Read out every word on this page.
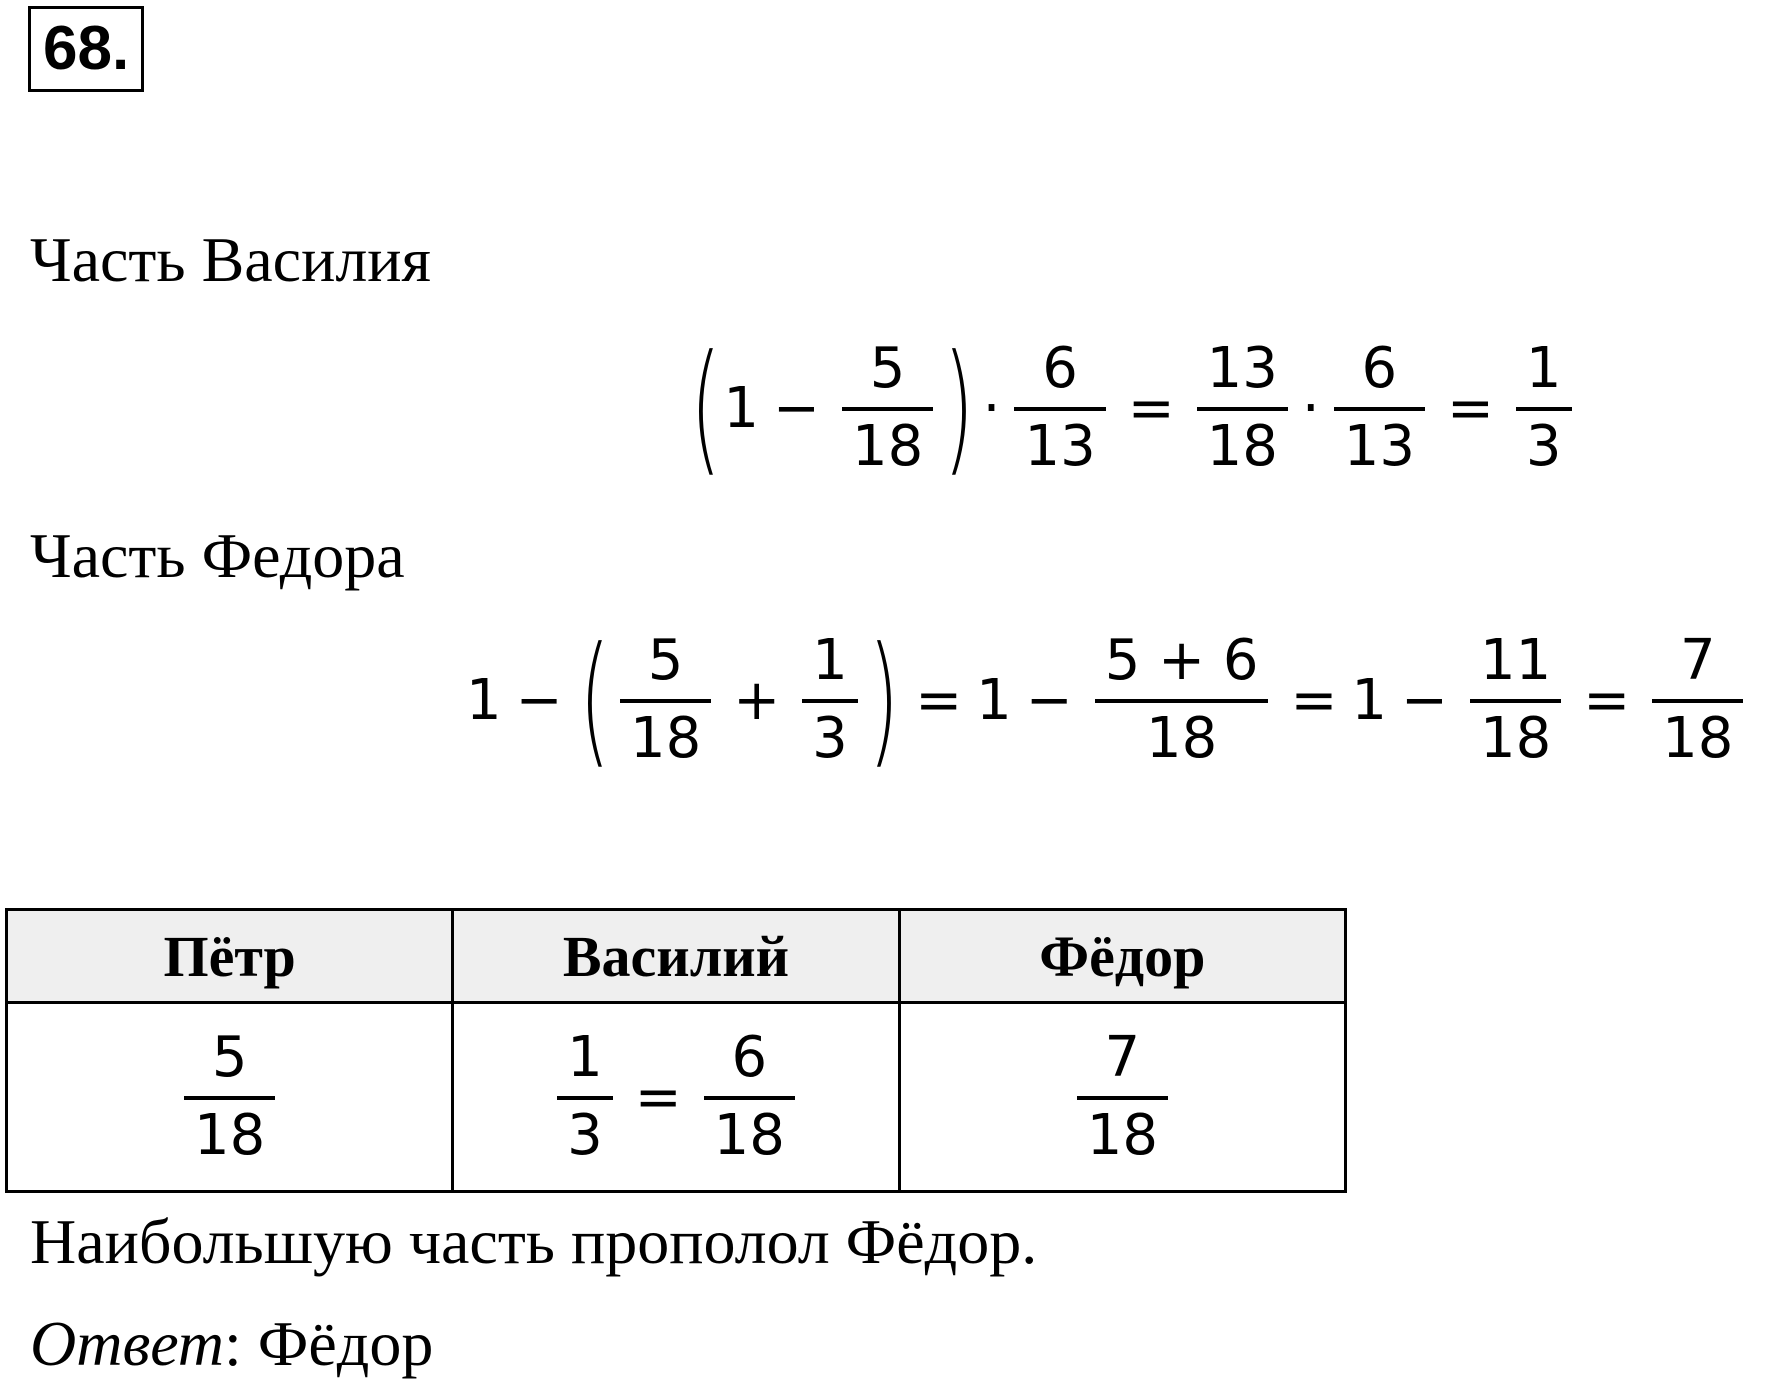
68.
Часть Василия
( $1 - \frac{5}{18}$ ) · $\frac{6}{13} = \frac{13}{18} \cdot \frac{6}{13} = \frac{1}{3}$
Часть Федора
1 − ( $\frac{5}{18} + \frac{1}{3}$ ) = $1 - \frac{5 + 6}{18} = 1 - \frac{11}{18} = \frac{7}{18}$
Пётр	Василий	Фёдор

$\frac{5}{18}$	$\frac{1}{3} = \frac{6}{18}$	$\frac{7}{18}$
Наибольшую часть прополол Фёдор.
Ответ: Фёдор
